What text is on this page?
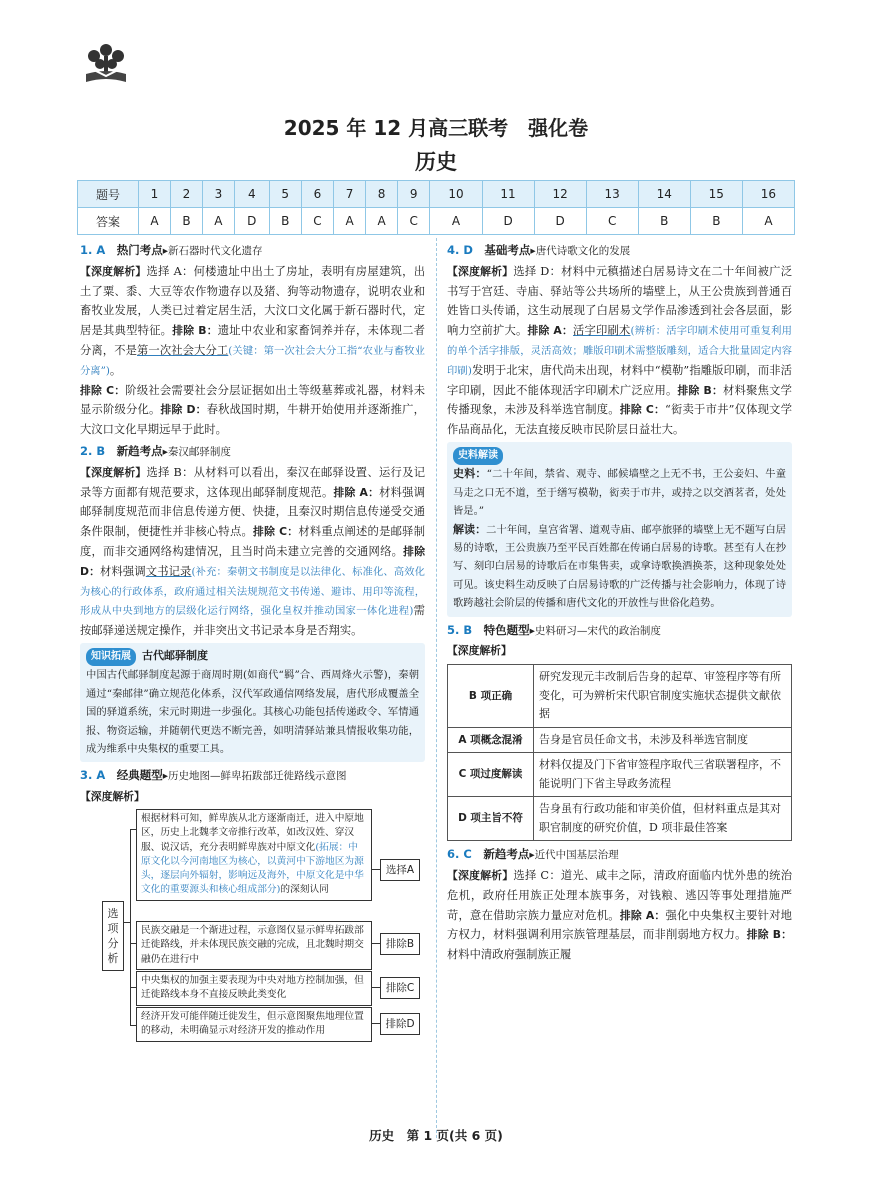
2025 年 12 月高三联考　强化卷
历史
题号	1	2	3	4	5	6	7	8	9	10	11	12	13	14	15	16
答案	A	B	A	D	B	C	A	A	C	A	D	D	C	B	B	A
1. A　 热门考点▸新石器时代文化遗存

【深度解析】选择 A：何楼遗址中出土了房址，表明有房屋建筑，出土了粟、黍、大豆等农作物遗存以及猪、狗等动物遗存，说明农业和畜牧业发展，人类已过着定居生活，大汶口文化属于新石器时代，定居是其典型特征。排除 B：遗址中农业和家畜饲养并存，未体现二者分离，不是第一次社会大分工(关键：第一次社会大分工指“农业与畜牧业分离”)。
排除 C：阶级社会需要社会分层证据如出土等级墓葬或礼器，材料未显示阶级分化。排除 D：春秋战国时期，牛耕开始使用并逐渐推广，大汶口文化早期远早于此时。

2. B　 新趋考点▸秦汉邮驿制度

【深度解析】选择 B：从材料可以看出，秦汉在邮驿设置、运行及记录等方面都有规范要求，这体现出邮驿制度规范。排除 A：材料强调邮驿制度规范而非信息传递方便、快捷，且秦汉时期信息传递受交通条件限制，便捷性并非核心特点。排除 C：材料重点阐述的是邮驿制度，而非交通网络构建情况，且当时尚未建立完善的交通网络。排除 D：材料强调文书记录(补充：秦朝文书制度是以法律化、标准化、高效化为核心的行政体系，政府通过相关法规规范文书传递、避讳、用印等流程，形成从中央到地方的层级化运行网络，强化皇权并推动国家一体化进程)需按邮驿递送规定操作，并非突出文书记录本身是否翔实。

知识拓展 古代邮驿制度

中国古代邮驿制度起源于商周时期(如商代“羁”合、西周烽火示警)，秦朝通过“秦邮律”确立规范化体系，汉代军政通信网络发展，唐代形成覆盖全国的驿道系统，宋元时期进一步强化。其核心功能包括传递政令、军情通报、物资运输，并随朝代更迭不断完善，如明清驿站兼具情报收集功能，成为维系中央集权的重要工具。

3. A　 经典题型▸历史地图—鲜卑拓跋部迁徙路线示意图
【深度解析】
选项分析
根据材料可知，鲜卑族从北方逐渐南迁，进入中原地区，历史上北魏孝文帝推行改革，如改汉姓、穿汉服、说汉话，充分表明鲜卑族对中原文化(拓展：中原文化以今河南地区为核心，以黄河中下游地区为源头，逐层向外辐射，影响远及海外，中原文化是中华文化的重要源头和核心组成部分)的深刻认同
民族交融是一个渐进过程，示意图仅显示鲜卑拓跋部迁徙路线，并未体现民族交融的完成，且北魏时期交融仍在进行中
中央集权的加强主要表现为中央对地方控制加强，但迁徙路线本身不直接反映此类变化
经济开发可能伴随迁徙发生，但示意图聚焦地理位置的移动，未明确显示对经济开发的推动作用
选择A
排除B
排除C
排除D
4. D　 基础考点▸唐代诗歌文化的发展

【深度解析】选择 D：材料中元稹描述白居易诗文在二十年间被广泛书写于宫廷、寺庙、驿站等公共场所的墙壁上，从王公贵族到普通百姓皆口头传诵，这生动展现了白居易文学作品渗透到社会各层面，影响力空前扩大。排除 A：活字印刷术(辨析：活字印刷术使用可重复利用的单个活字排版，灵活高效；雕版印刷术需整版雕刻，适合大批量固定内容印刷)发明于北宋，唐代尚未出现，材料中“模勒”指雕版印刷，而非活字印刷，因此不能体现活字印刷术广泛应用。排除 B：材料聚焦文学传播现象，未涉及科举选官制度。排除 C：“衒卖于市井”仅体现文学作品商品化，无法直接反映市民阶层日益壮大。

史料解读

史料：“二十年间，禁省、观寺、邮候墙壁之上无不书，王公妾妇、牛童马走之口无不道，至于缮写模勒，衒卖于市井，或持之以交酒茗者，处处皆是。”

解读：二十年间，皇宫省署、道观寺庙、邮亭旅驿的墙壁上无不题写白居易的诗歌，王公贵族乃至平民百姓都在传诵白居易的诗歌。甚至有人在抄写、刻印白居易的诗歌后在市集售卖，或拿诗歌换酒换茶，这种现象处处可见。该史料生动反映了白居易诗歌的广泛传播与社会影响力，体现了诗歌跨越社会阶层的传播和唐代文化的开放性与世俗化趋势。

5. B　 特色题型▸史料研习—宋代的政治制度
【深度解析】
B 项正确	研究发现元丰改制后告身的起草、审签程序等有所变化，可为辨析宋代职官制度实施状态提供文献依据
A 项概念混淆	告身是官员任命文书，未涉及科举选官制度
C 项过度解读	材料仅提及门下省审签程序取代三省联署程序，不能说明门下省主导政务流程
D 项主旨不符	告身虽有行政功能和审美价值，但材料重点是其对职官制度的研究价值，D 项非最佳答案
6. C　 新趋考点▸近代中国基层治理

【深度解析】选择 C：道光、咸丰之际，清政府面临内忧外患的统治危机，政府任用族正处理本族事务，对钱粮、逃囚等事处理措施严苛，意在借助宗族力量应对危机。排除 A：强化中央集权主要针对地方权力，材料强调利用宗族管理基层，而非削弱地方权力。排除 B：材料中清政府强制族正履

历史　第 1 页(共 6 页)
